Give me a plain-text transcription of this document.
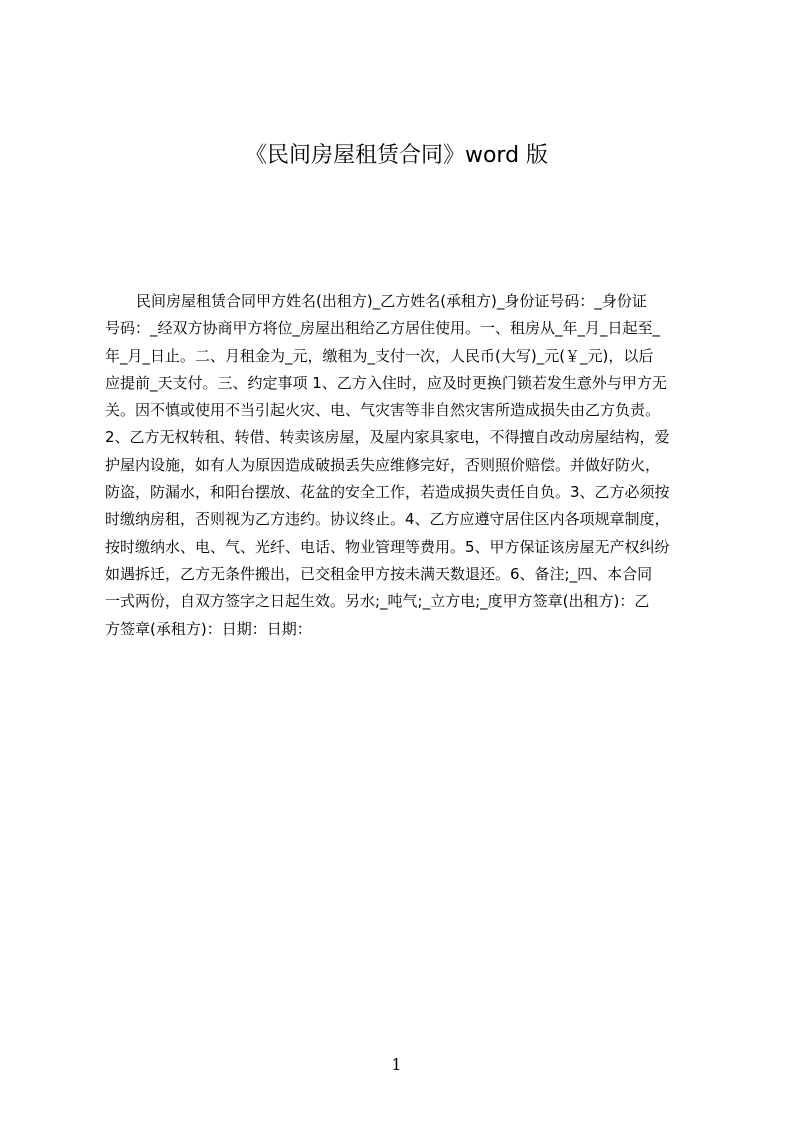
《民间房屋租赁合同》word 版
民间房屋租赁合同甲方姓名(出租方)_乙方姓名(承租方)_身份证号码：_身份证
号码：_经双方协商甲方将位_房屋出租给乙方居住使用。一、租房从_年_月_日起至_
年_月_日止。二、月租金为_元，缴租为_支付一次，人民币(大写)_元(￥_元)，以后
应提前_天支付。三、约定事项 1、乙方入住时，应及时更换门锁若发生意外与甲方无
关。因不慎或使用不当引起火灾、电、气灾害等非自然灾害所造成损失由乙方负责。
2、乙方无权转租、转借、转卖该房屋，及屋内家具家电，不得擅自改动房屋结构，爱
护屋内设施，如有人为原因造成破损丢失应维修完好，否则照价赔偿。并做好防火，
防盗，防漏水，和阳台摆放、花盆的安全工作，若造成损失责任自负。3、乙方必须按
时缴纳房租，否则视为乙方违约。协议终止。4、乙方应遵守居住区内各项规章制度，
按时缴纳水、电、气、光纤、电话、物业管理等费用。5、甲方保证该房屋无产权纠纷
如遇拆迁，乙方无条件搬出，已交租金甲方按未满天数退还。6、备注;_四、本合同
一式两份，自双方签字之日起生效。另水;_吨气;_立方电;_度甲方签章(出租方)：乙
方签章(承租方)：日期：日期：
1
